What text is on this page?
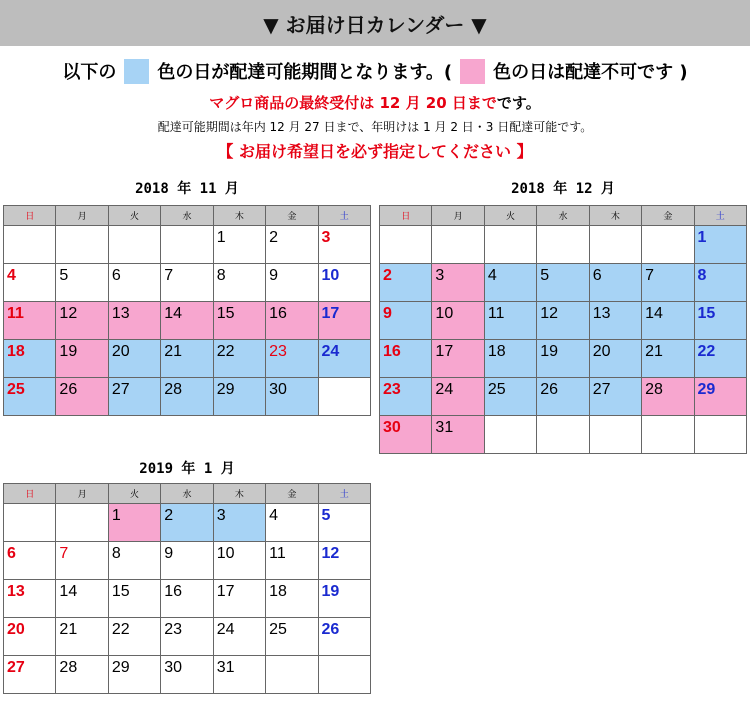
▼ お届け日カレンダー ▼
以下の 色の日が配達可能期間となります。( 色の日は配達不可です )
マグロ商品の最終受付は 12 月 20 日までです。
配達可能期間は年内 12 月 27 日まで、年明けは 1 月 2 日・3 日配達可能です。
【 お届け希望日を必ず指定してください 】
2018 年 11 月
日	月	火	水	木	金	土
				1	2	3
4	5	6	7	8	9	10
11	12	13	14	15	16	17
18	19	20	21	22	23	24
25	26	27	28	29	30	
2018 年 12 月
日	月	火	水	木	金	土
						1
2	3	4	5	6	7	8
9	10	11	12	13	14	15
16	17	18	19	20	21	22
23	24	25	26	27	28	29
30	31					
2019 年 1 月
日	月	火	水	木	金	土
		1	2	3	4	5
6	7	8	9	10	11	12
13	14	15	16	17	18	19
20	21	22	23	24	25	26
27	28	29	30	31		
